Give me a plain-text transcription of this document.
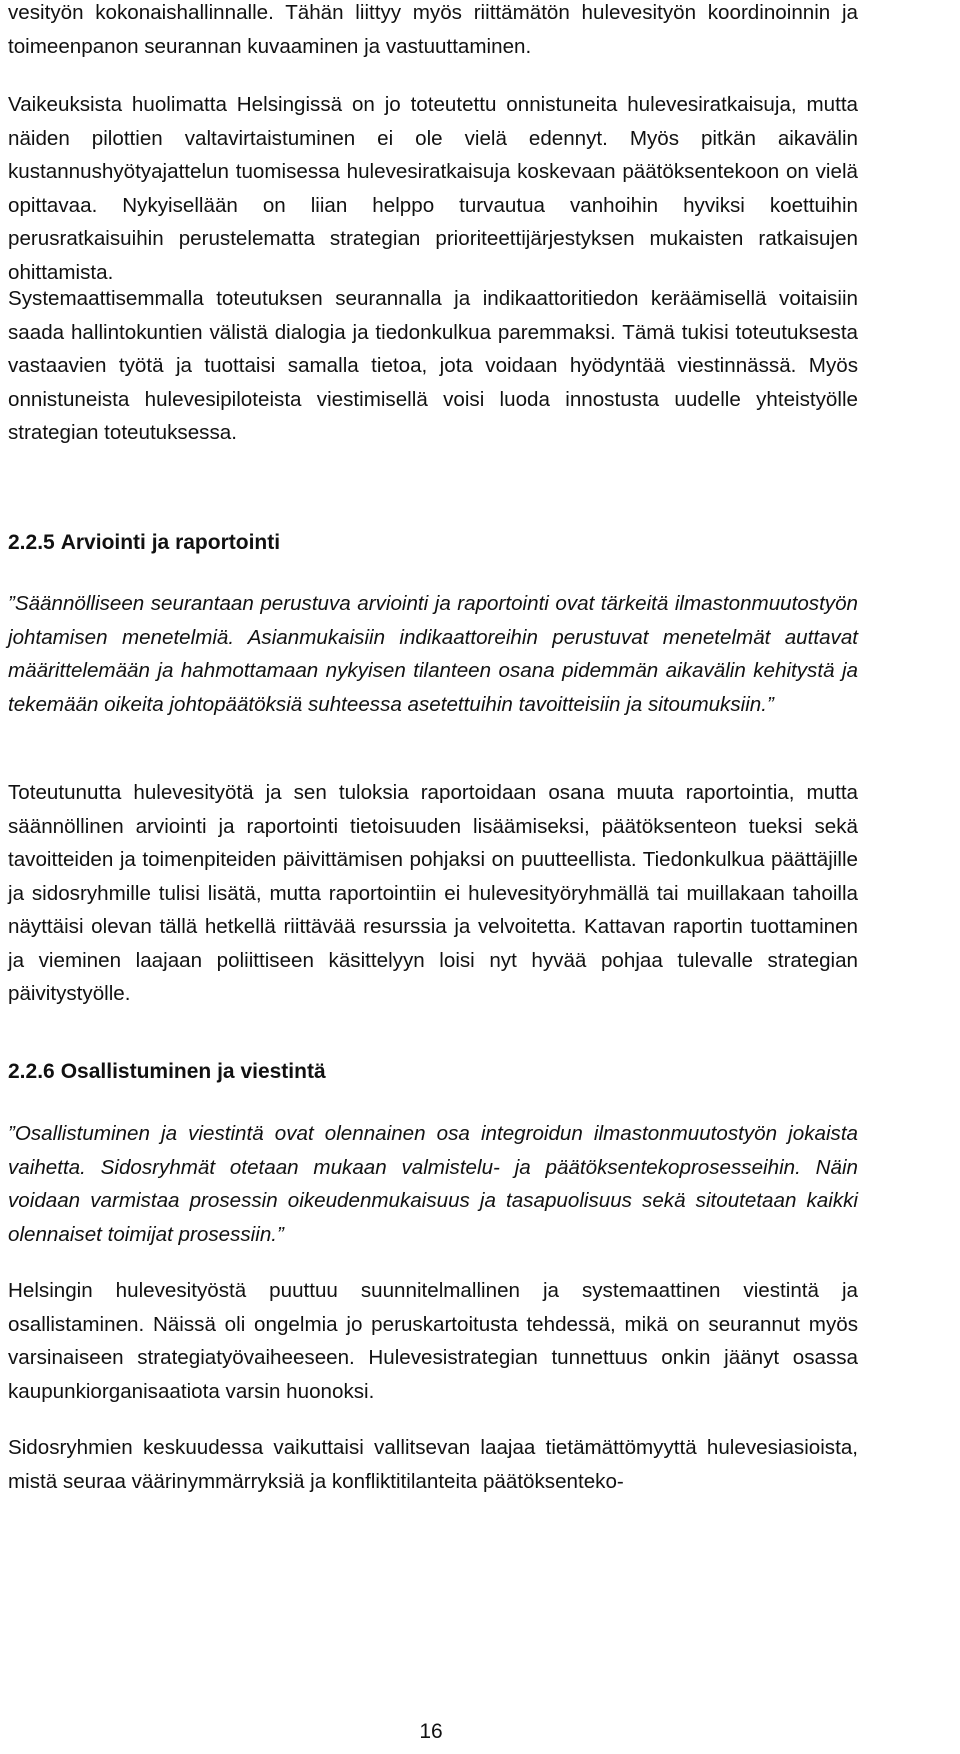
vesityön kokonaishallinnalle. Tähän liittyy myös riittämätön hulevesityön koordinoinnin ja toimeenpanon seurannan kuvaaminen ja vastuuttaminen.

Vaikeuksista huolimatta Helsingissä on jo toteutettu onnistuneita hulevesiratkaisuja, mutta näiden pilottien valtavirtaistuminen ei ole vielä edennyt. Myös pitkän aikavälin kustannushyötyajattelun tuomisessa hulevesiratkaisuja koskevaan päätöksentekoon on vielä opittavaa. Nykyisellään on liian helppo turvautua vanhoihin hyviksi koettuihin perusratkaisuihin perustelematta strategian prioriteettijärjestyksen mukaisten ratkaisujen ohittamista.

Systemaattisemmalla toteutuksen seurannalla ja indikaattoritiedon keräämisellä voitaisiin saada hallintokuntien välistä dialogia ja tiedonkulkua paremmaksi. Tämä tukisi toteutuksesta vastaavien työtä ja tuottaisi samalla tietoa, jota voidaan hyödyntää viestinnässä. Myös onnistuneista hulevesipiloteista viestimisellä voisi luoda innostusta uudelle yhteistyölle strategian toteutuksessa.

2.2.5 Arviointi ja raportointi

”Säännölliseen seurantaan perustuva arviointi ja raportointi ovat tärkeitä ilmastonmuutostyön johtamisen menetelmiä. Asianmukaisiin indikaattoreihin perustuvat menetelmät auttavat määrittelemään ja hahmottamaan nykyisen tilanteen osana pidemmän aikavälin kehitystä ja tekemään oikeita johtopäätöksiä suhteessa asetettuihin tavoitteisiin ja sitoumuksiin.”

Toteutunutta hulevesityötä ja sen tuloksia raportoidaan osana muuta raportointia, mutta säännöllinen arviointi ja raportointi tietoisuuden lisäämiseksi, päätöksenteon tueksi sekä tavoitteiden ja toimenpiteiden päivittämisen pohjaksi on puutteellista. Tiedonkulkua päättäjille ja sidosryhmille tulisi lisätä, mutta raportointiin ei hulevesityöryhmällä tai muillakaan tahoilla näyttäisi olevan tällä hetkellä riittävää resurssia ja velvoitetta. Kattavan raportin tuottaminen ja vieminen laajaan poliittiseen käsittelyyn loisi nyt hyvää pohjaa tulevalle strategian päivitystyölle.

2.2.6 Osallistuminen ja viestintä

”Osallistuminen ja viestintä ovat olennainen osa integroidun ilmastonmuutostyön jokaista vaihetta. Sidosryhmät otetaan mukaan valmistelu- ja päätöksentekoprosesseihin. Näin voidaan varmistaa prosessin oikeudenmukaisuus ja tasapuolisuus sekä sitoutetaan kaikki olennaiset toimijat prosessiin.”

Helsingin hulevesityöstä puuttuu suunnitelmallinen ja systemaattinen viestintä ja osallistaminen. Näissä oli ongelmia jo peruskartoitusta tehdessä, mikä on seurannut myös varsinaiseen strategiatyövaiheeseen. Hulevesistrategian tunnettuus onkin jäänyt osassa kaupunkiorganisaatiota varsin huonoksi.

Sidosryhmien keskuudessa vaikuttaisi vallitsevan laajaa tietämättömyyttä hulevesiasioista, mistä seuraa väärinymmärryksiä ja konfliktitilanteita päätöksenteko-

16
